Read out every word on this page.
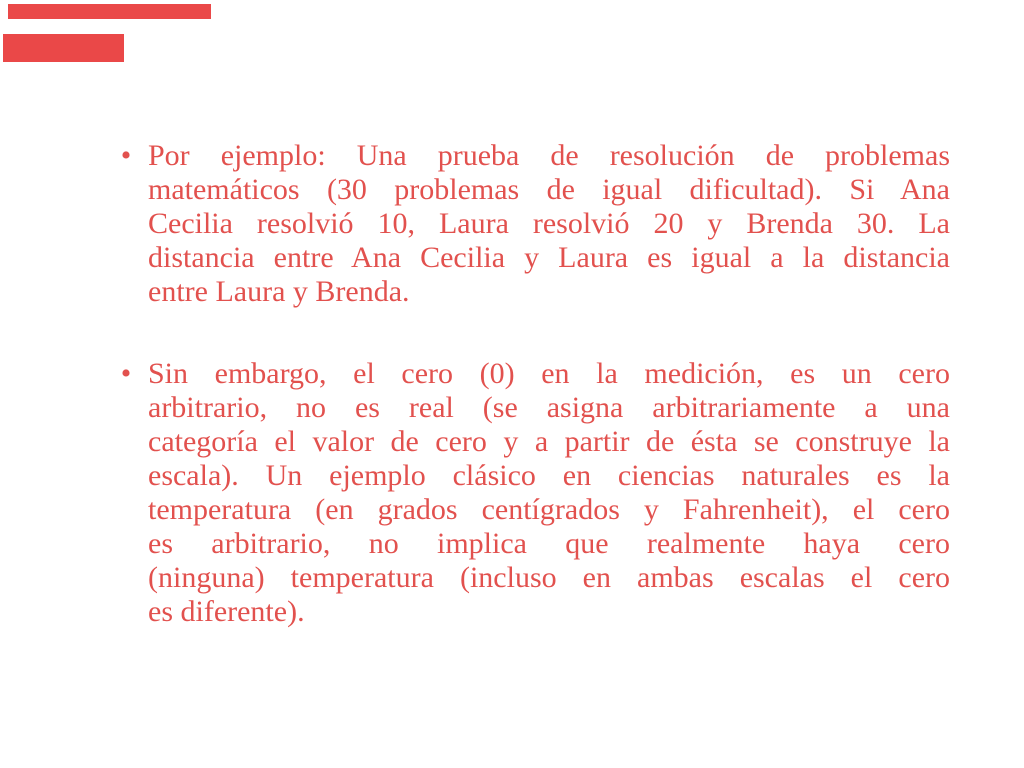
• Por ejemplo: Una prueba de resolución de problemas
matemáticos (30 problemas de igual dificultad). Si Ana
Cecilia resolvió 10, Laura resolvió 20 y Brenda 30. La
distancia entre Ana Cecilia y Laura es igual a la distancia
entre Laura y Brenda.
• Sin embargo, el cero (0) en la medición, es un cero
arbitrario, no es real (se asigna arbitrariamente a una
categoría el valor de cero y a partir de ésta se construye la
escala). Un ejemplo clásico en ciencias naturales es la
temperatura (en grados centígrados y Fahrenheit), el cero
es arbitrario, no implica que realmente haya cero
(ninguna) temperatura (incluso en ambas escalas el cero
es diferente).
